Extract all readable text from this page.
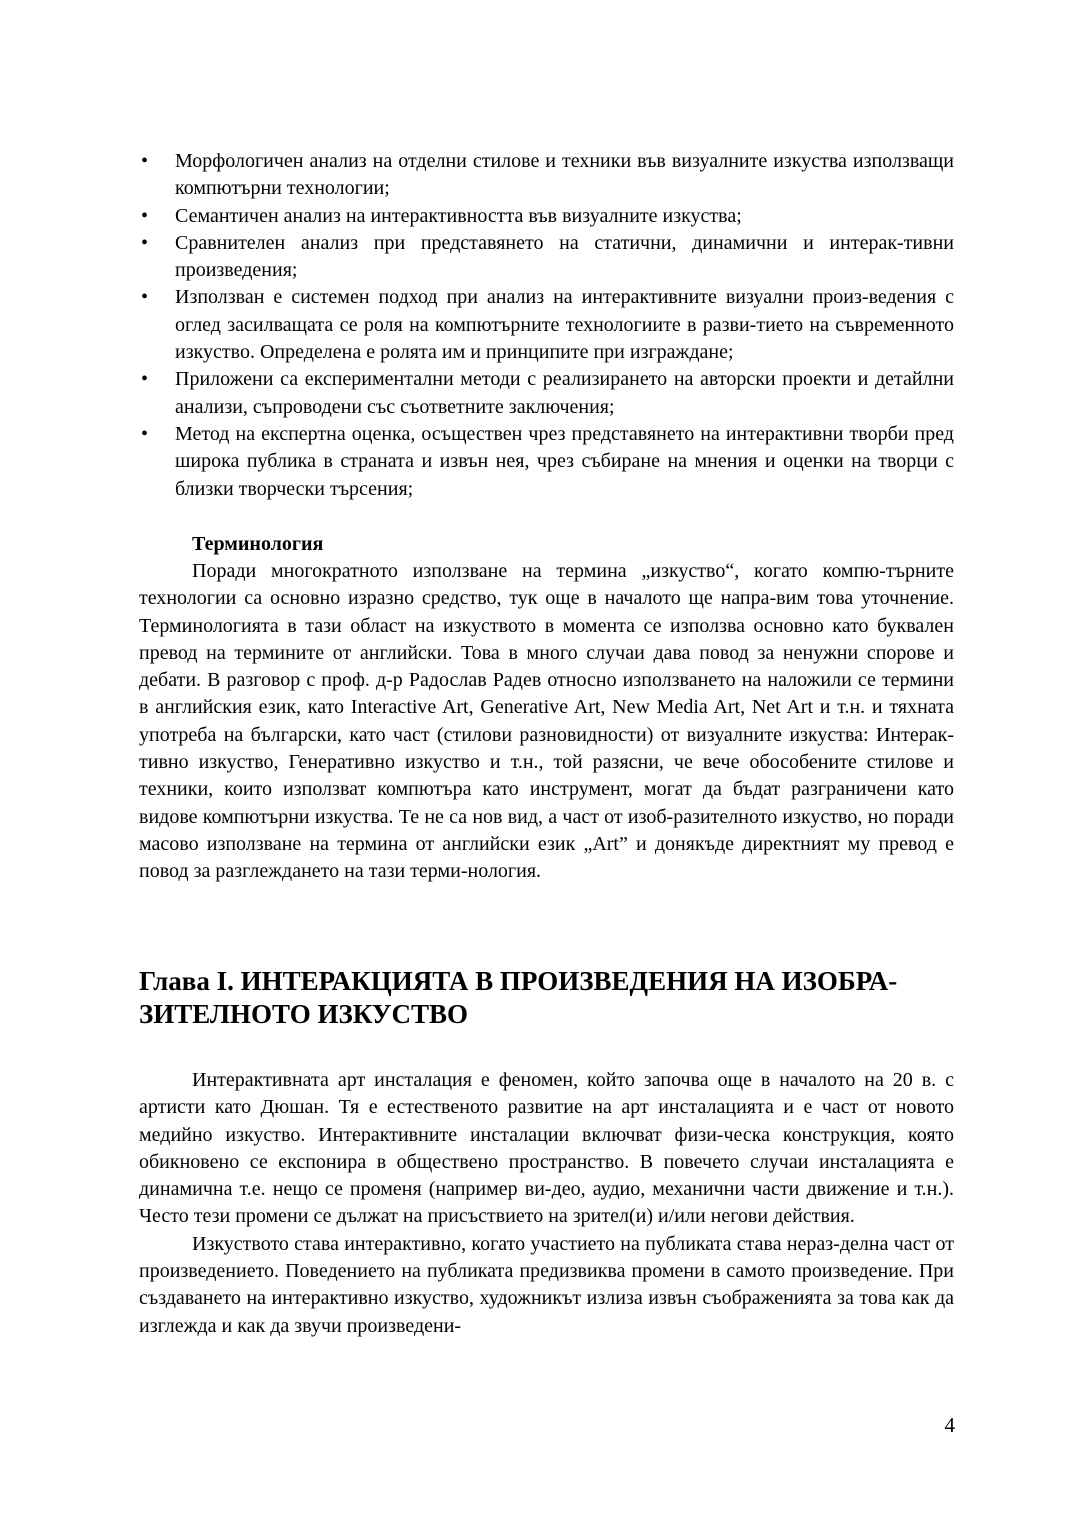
• Морфологичен анализ на отделни стилове и техники във визуалните изкуства използващи компютърни технологии;
• Семантичен анализ на интерактивността във визуалните изкуства;
• Сравнителен анализ при представянето на статични, динамични и интерак-тивни произведения;
• Използван е системен подход при анализ на интерактивните визуални произ-ведения с оглед засилващата се роля на компютърните технологиите в разви-тието на съвременното изкуство. Определена е ролята им и принципите при изграждане;
• Приложени са експериментални методи с реализирането на авторски проекти и детайлни анализи, съпроводени със съответните заключения;
• Метод на експертна оценка, осъществен чрез представянето на интерактивни творби пред широка публика в страната и извън нея, чрез събиране на мнения и оценки на творци с близки творчески търсения;
Терминология

Поради многократното използване на термина „изкуство“, когато компю-търните технологии са основно изразно средство, тук още в началото ще напра-вим това уточнение. Терминологията в тази област на изкуството в момента се използва основно като буквален превод на термините от английски. Това в много случаи дава повод за ненужни спорове и дебати. В разговор с проф. д-р Радослав Радев относно използването на наложили се термини в английския език, като Interactive Art, Generative Art, New Media Art, Net Art и т.н. и тяхната употреба на български, като част (стилови разновидности) от визуалните изкуства: Интерак-тивно изкуство, Генеративно изкуство и т.н., той разясни, че вече обособените стилове и техники, които използват компютъра като инструмент, могат да бъдат разграничени като видове компютърни изкуства. Те не са нов вид, а част от изоб-разителното изкуство, но поради масово използване на термина от английски език „Art” и донякъде директният му превод е повод за разглеждането на тази терми-нология.

Глава I. ИНТЕРАКЦИЯТА В ПРОИЗВЕДЕНИЯ НА ИЗОБРА-ЗИТЕЛНОТО ИЗКУСТВО

Интерактивната арт инсталация е феномен, който започва още в началото на 20 в. с артисти като Дюшан. Тя е естественото развитие на арт инсталацията и е част от новото медийно изкуство. Интерактивните инсталации включват физи-ческа конструкция, която обикновено се експонира в обществено пространство. В повечето случаи инсталацията е динамична т.е. нещо се променя (например ви-део, аудио, механични части движение и т.н.). Често тези промени се дължат на присъствието на зрител(и) и/или негови действия.

Изкуството става интерактивно, когато участието на публиката става нераз-делна част от произведението. Поведението на публиката предизвиква промени в самото произведение. При създаването на интерактивно изкуство, художникът излиза извън съображенията за това как да изглежда и как да звучи произведени-

4
